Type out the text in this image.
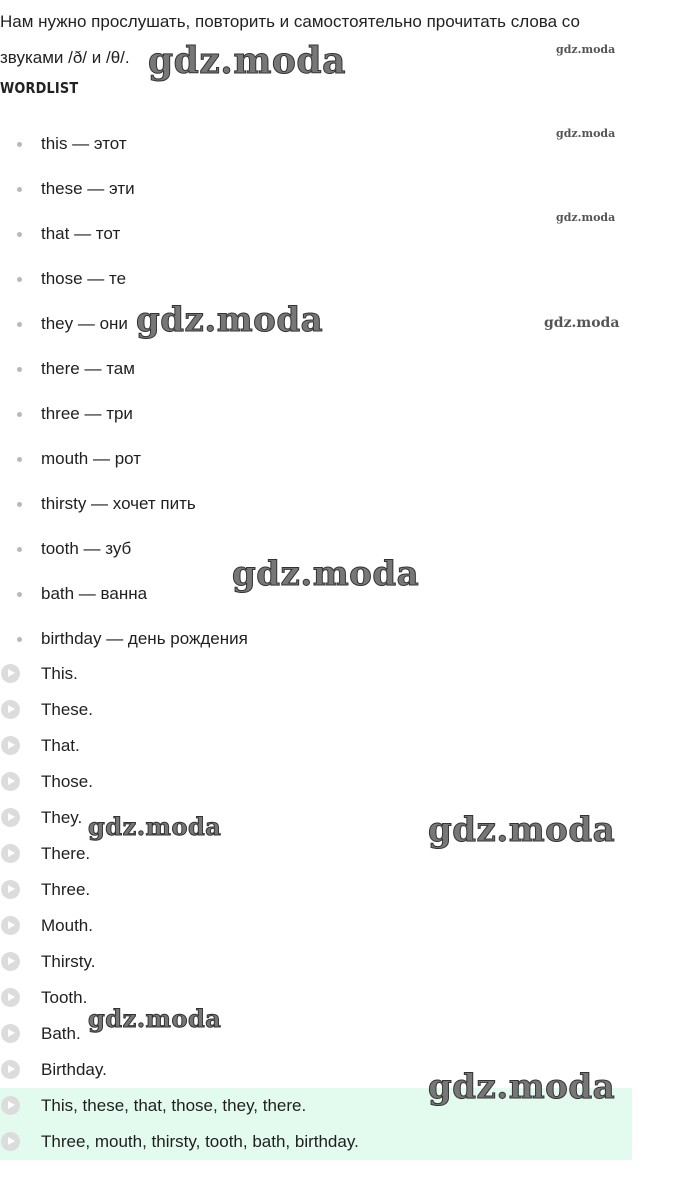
Нам нужно прослушать, повторить и самостоятельно прочитать слова со
звуками /ð/ и /θ/.
WORDLIST
this — этот
these — эти
that — тот
those — те
they — они
there — там
three — три
mouth — рот
thirsty — хочет пить
tooth — зуб
bath — ванна
birthday — день рождения
This.
These.
That.
Those.
They.
There.
Three.
Mouth.
Thirsty.
Tooth.
Bath.
Birthday.
This, these, that, those, they, there.
Three, mouth, thirsty, tooth, bath, birthday.
gdz.moda	gdz.moda
gdz.moda
gdz.moda
gdz.moda	gdz.moda
gdz.moda
gdz.moda	gdz.moda
gdz.moda
gdz.moda
